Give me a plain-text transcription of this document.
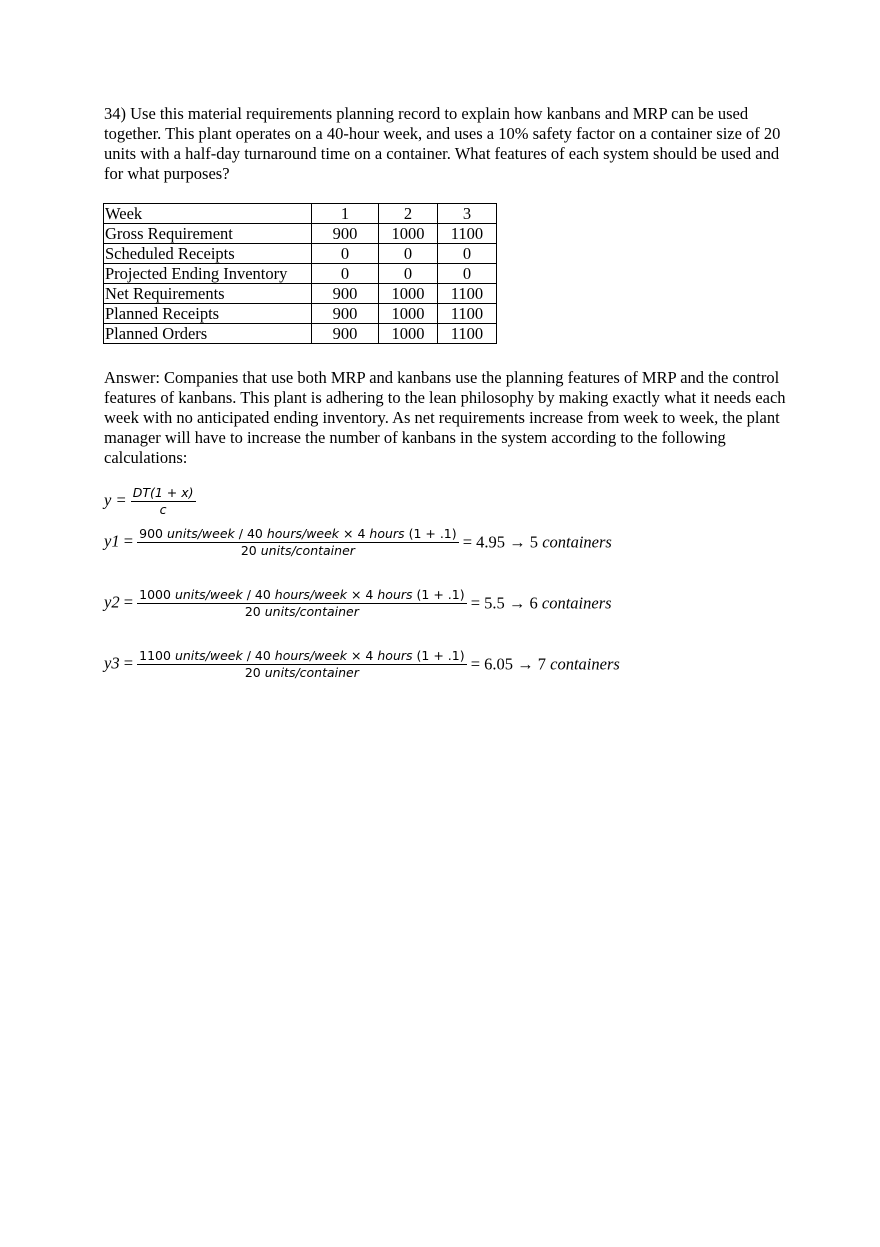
34) Use this material requirements planning record to explain how kanbans and MRP can be used together. This plant operates on a 40-hour week, and uses a 10% safety factor on a container size of 20 units with a half-day turnaround time on a container. What features of each system should be used and for what purposes?

Week	1	2	3
Gross Requirement	900	1000	1100
Scheduled Receipts	0	0	0
Projected Ending Inventory	0	0	0
Net Requirements	900	1000	1100
Planned Receipts	900	1000	1100
Planned Orders	900	1000	1100

Answer: Companies that use both MRP and kanbans use the planning features of MRP and the control features of kanbans. This plant is adhering to the lean philosophy by making exactly what it needs each week with no anticipated ending inventory. As net requirements increase from week to week, the plant manager will have to increase the number of kanbans in the system according to the following calculations:

$y = \frac{DT(1 + x)}{c}$
$y1 = \frac{\text{900 units/week / 40 hours/week × 4 hours (1 + .1)}}{\text{20 units/container}} = 4.95 \to 5$ containers
$y2 = \frac{\text{1000 units/week / 40 hours/week × 4 hours (1 + .1)}}{\text{20 units/container}} = 5.5 \to 6$ containers
$y3 = \frac{\text{1100 units/week / 40 hours/week × 4 hours (1 + .1)}}{\text{20 units/container}} = 6.05 \to 7$ containers
